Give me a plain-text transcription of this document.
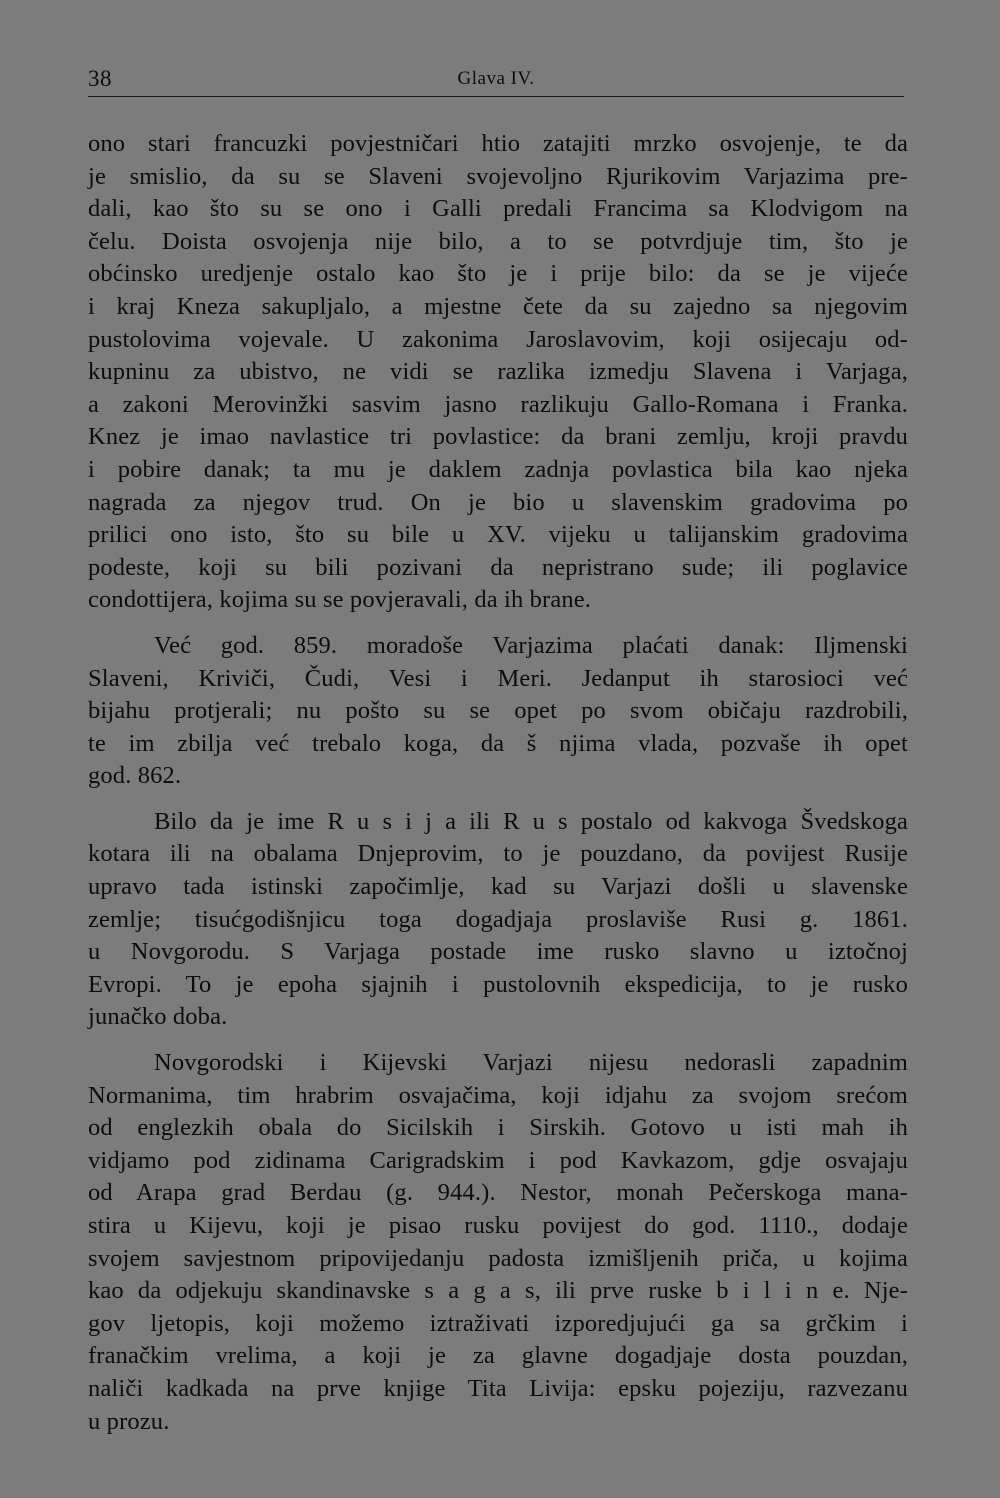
38	Glava IV.
ono stari francuzki povjestničari htio zatajiti mrzko osvojenje, te da
je smislio, da su se Slaveni svojevoljno Rjurikovim Varjazima pre-
dali, kao što su se ono i Galli predali Francima sa Klodvigom na
čelu. Doista osvojenja nije bilo, a to se potvrdjuje tim, što je
obćinsko uredjenje ostalo kao što je i prije bilo: da se je vijeće
i kraj Kneza sakupljalo, a mjestne čete da su zajedno sa njegovim
pustolovima vojevale. U zakonima Jaroslavovim, koji osijecaju od-
kupninu za ubistvo, ne vidi se razlika izmedju Slavena i Varjaga,
a zakoni Merovinžki sasvim jasno razlikuju Gallo-Romana i Franka.
Knez je imao navlastice tri povlastice: da brani zemlju, kroji pravdu
i pobire danak; ta mu je daklem zadnja povlastica bila kao njeka
nagrada za njegov trud. On je bio u slavenskim gradovima po
prilici ono isto, što su bile u XV. vijeku u talijanskim gradovima
podeste, koji su bili pozivani da nepristrano sude; ili poglavice
condottijera, kojima su se povjeravali, da ih brane.
Već god. 859. moradoše Varjazima plaćati danak: Iljmenski
Slaveni, Kriviči, Čudi, Vesi i Meri. Jedanput ih starosioci već
bijahu protjerali; nu pošto su se opet po svom običaju razdrobili,
te im zbilja već trebalo koga, da š njima vlada, pozvaše ih opet
god. 862.
Bilo da je ime R u s i j a ili R u s postalo od kakvoga Švedskoga
kotara ili na obalama Dnjeprovim, to je pouzdano, da povijest Rusije
upravo tada istinski započimlje, kad su Varjazi došli u slavenske
zemlje; tisućgodišnjicu toga dogadjaja proslaviše Rusi g. 1861.
u Novgorodu. S Varjaga postade ime rusko slavno u iztočnoj
Evropi. To je epoha sjajnih i pustolovnih ekspedicija, to je rusko
junačko doba.
Novgorodski i Kijevski Varjazi nijesu nedorasli zapadnim
Normanima, tim hrabrim osvajačima, koji idjahu za svojom srećom
od englezkih obala do Sicilskih i Sirskih. Gotovo u isti mah ih
vidjamo pod zidinama Carigradskim i pod Kavkazom, gdje osvajaju
od Arapa grad Berdau (g. 944.). Nestor, monah Pečerskoga mana-
stira u Kijevu, koji je pisao rusku povijest do god. 1110., dodaje
svojem savjestnom pripovijedanju padosta izmišljenih priča, u kojima
kao da odjekuju skandinavske s a g a s, ili prve ruske b i l i n e. Nje-
gov ljetopis, koji možemo iztraživati izporedjujući ga sa grčkim i
franačkim vrelima, a koji je za glavne dogadjaje dosta pouzdan,
naliči kadkada na prve knjige Tita Livija: epsku pojeziju, razvezanu
u prozu.
